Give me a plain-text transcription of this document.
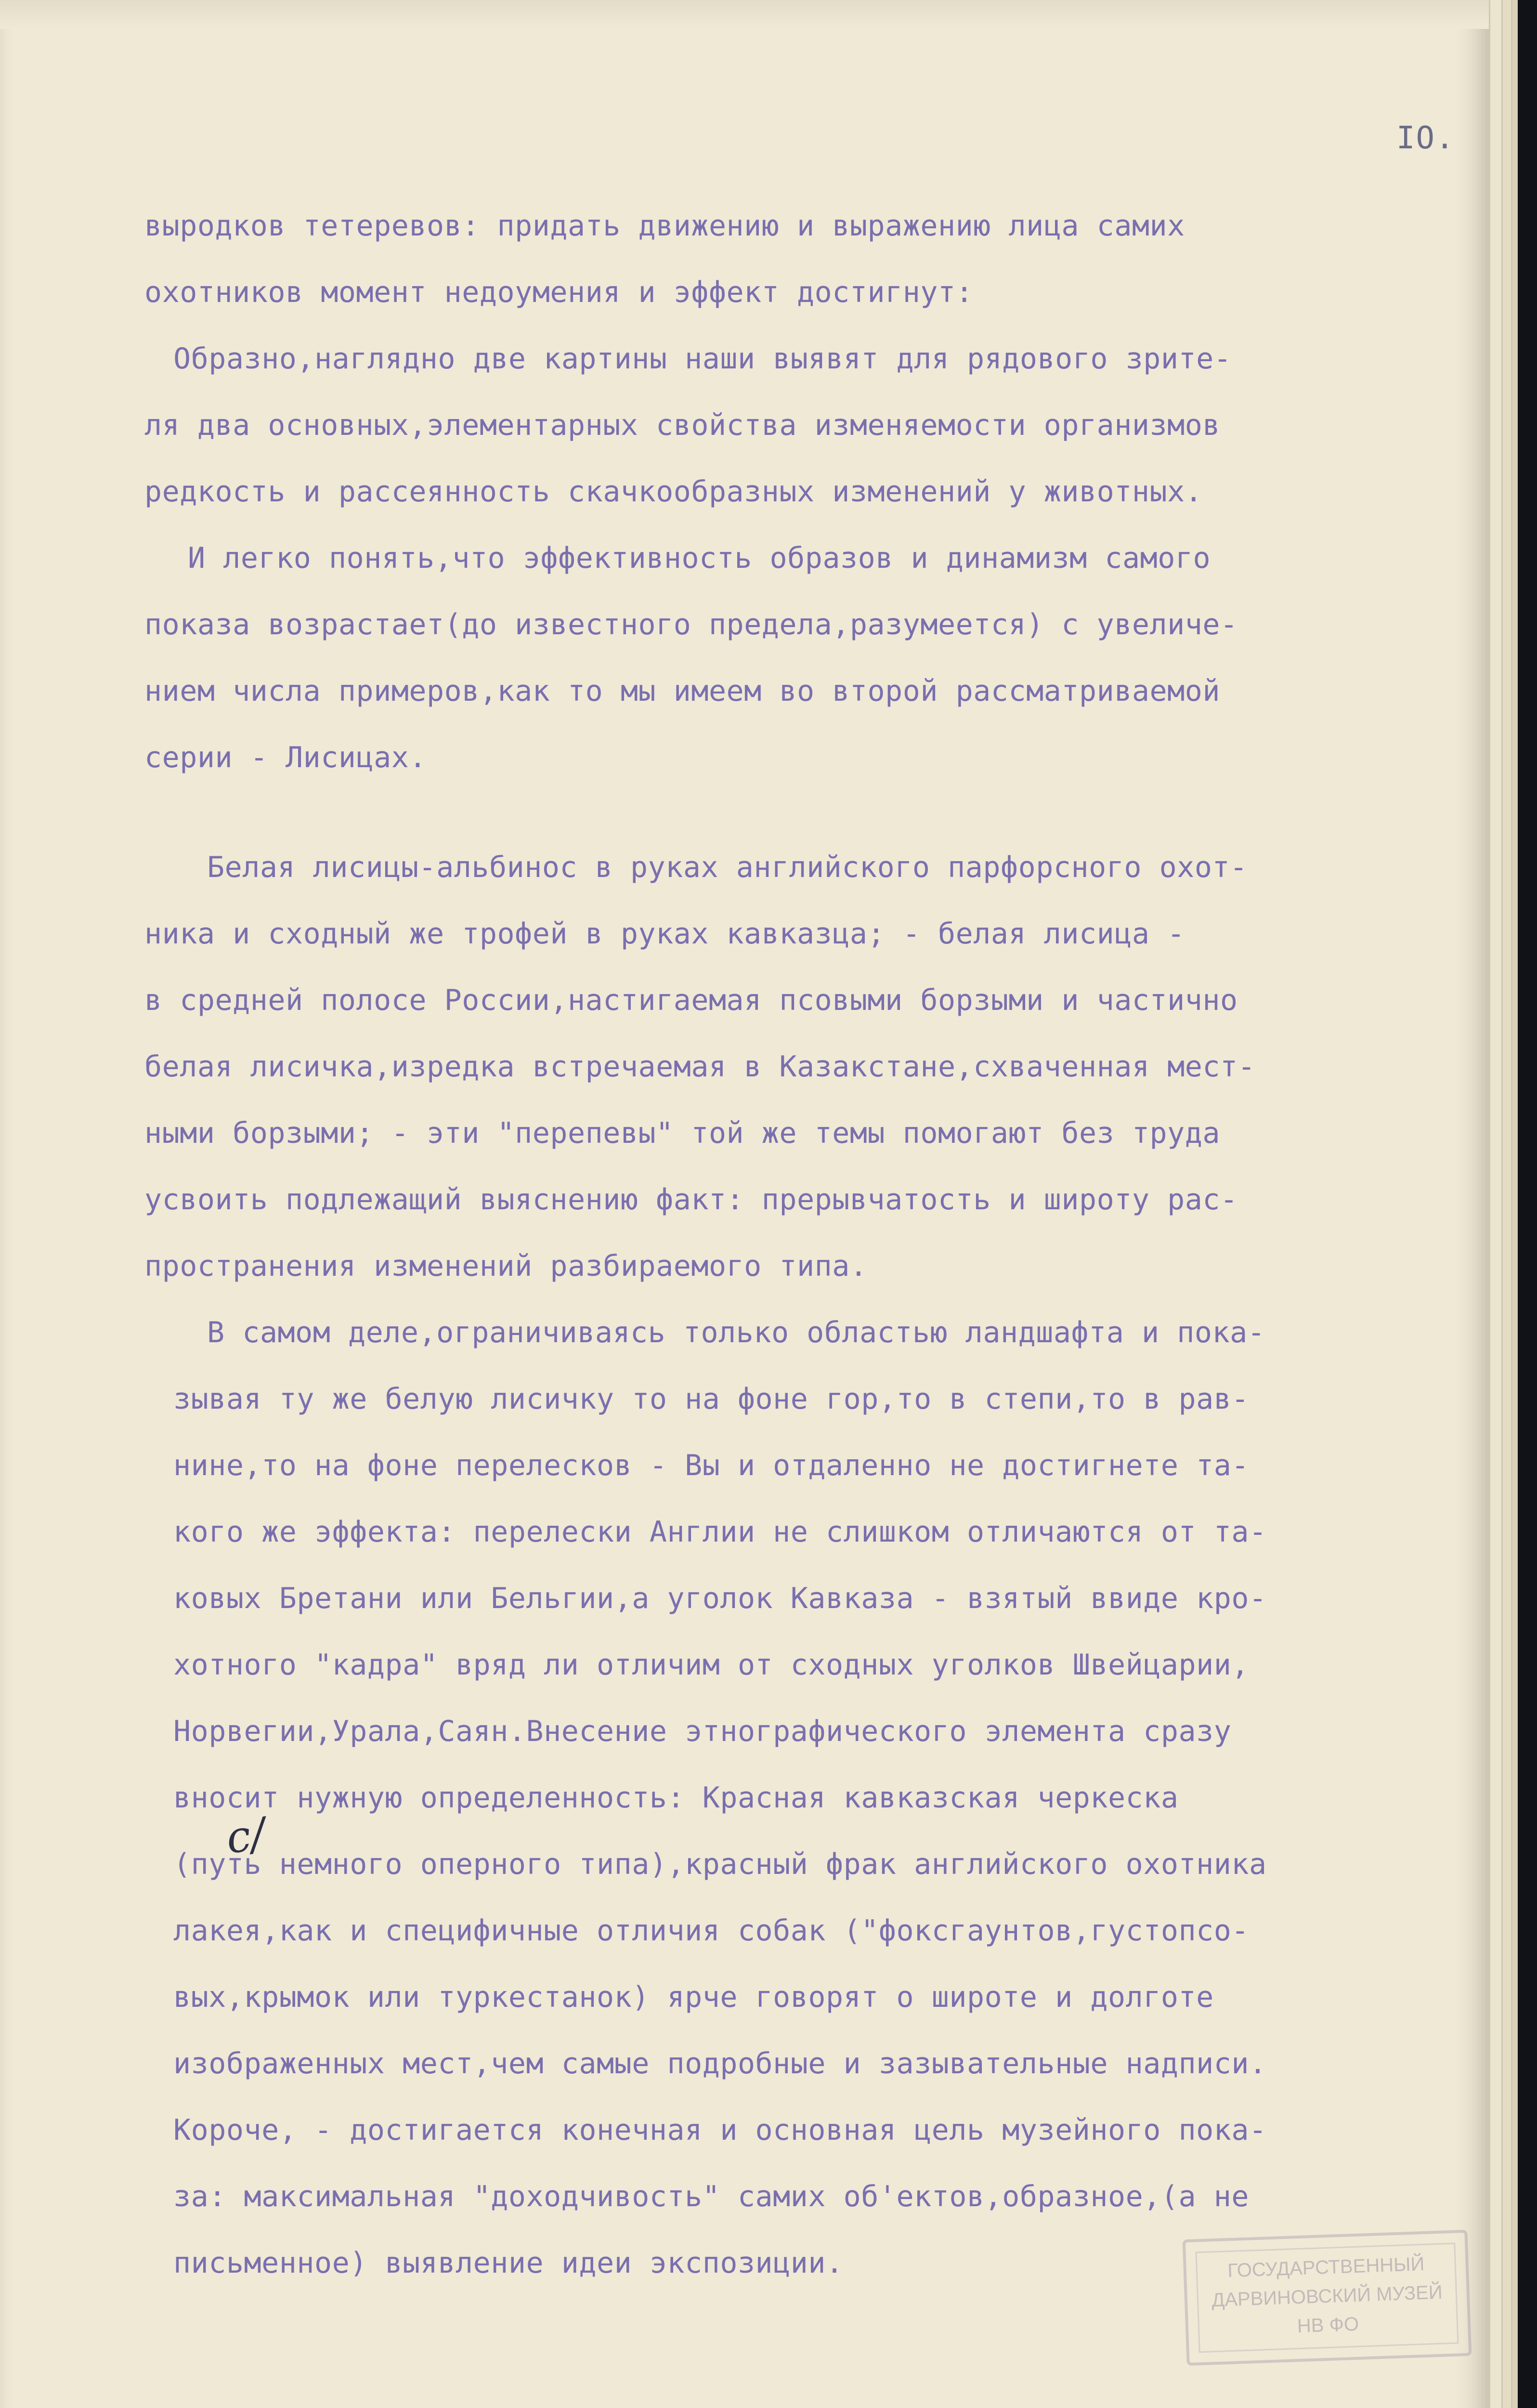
IO.
выродков тетеревов: придать движению и выражению лица самих
охотников момент недоумения и эффект достигнут:
Образно,наглядно две картины наши выявят для рядового зрите-
ля два основных,элементарных свойства изменяемости организмов
редкость и рассеянность скачкообразных изменений у животных.
И легко понять,что эффективность образов и динамизм самого
показа возрастает(до известного предела,разумеется) с увеличе-
нием числа примеров,как то мы имеем во второй рассматриваемой
серии - Лисицах.
Белая лисицы-альбинос в руках английского парфорсного охот-
ника и сходный же трофей в руках кавказца; - белая лисица -
в средней полосе России,настигаемая псовыми борзыми и частично
белая лисичка,изредка встречаемая в Казакстане,схваченная мест-
ными борзыми; - эти "перепевы" той же темы помогают без труда
усвоить подлежащий выяснению факт: прерывчатость и широту рас-
пространения изменений разбираемого типа.
В самом деле,ограничиваясь только областью ландшафта и пока-
зывая ту же белую лисичку то на фоне гор,то в степи,то в рав-
нине,то на фоне перелесков - Вы и отдаленно не достигнете та-
кого же эффекта: перелески Англии не слишком отличаются от та-
ковых Бретани или Бельгии,а уголок Кавказа - взятый ввиде кро-
хотного "кадра" вряд ли отличим от сходных уголков Швейцарии,
Норвегии,Урала,Саян.Внесение этнографического элемента сразу
вносит нужную определенность: Красная кавказская черкеска
(путь немного оперного типа),красный фрак английского охотника
лакея,как и специфичные отличия собак ("фоксгаунтов,густопсо-
вых,крымок или туркестанок) ярче говорят о широте и долготе
изображенных мест,чем самые подробные и зазывательные надписи.
Короче, - достигается конечная и основная цель музейного пока-
за: максимальная "доходчивость" самих об'ектов,образное,(а не
письменное) выявление идеи экспозиции.
с/
ГОСУДАРСТВЕННЫЙ
ДАРВИНОВСКИЙ МУЗЕЙ
НВ ФО
